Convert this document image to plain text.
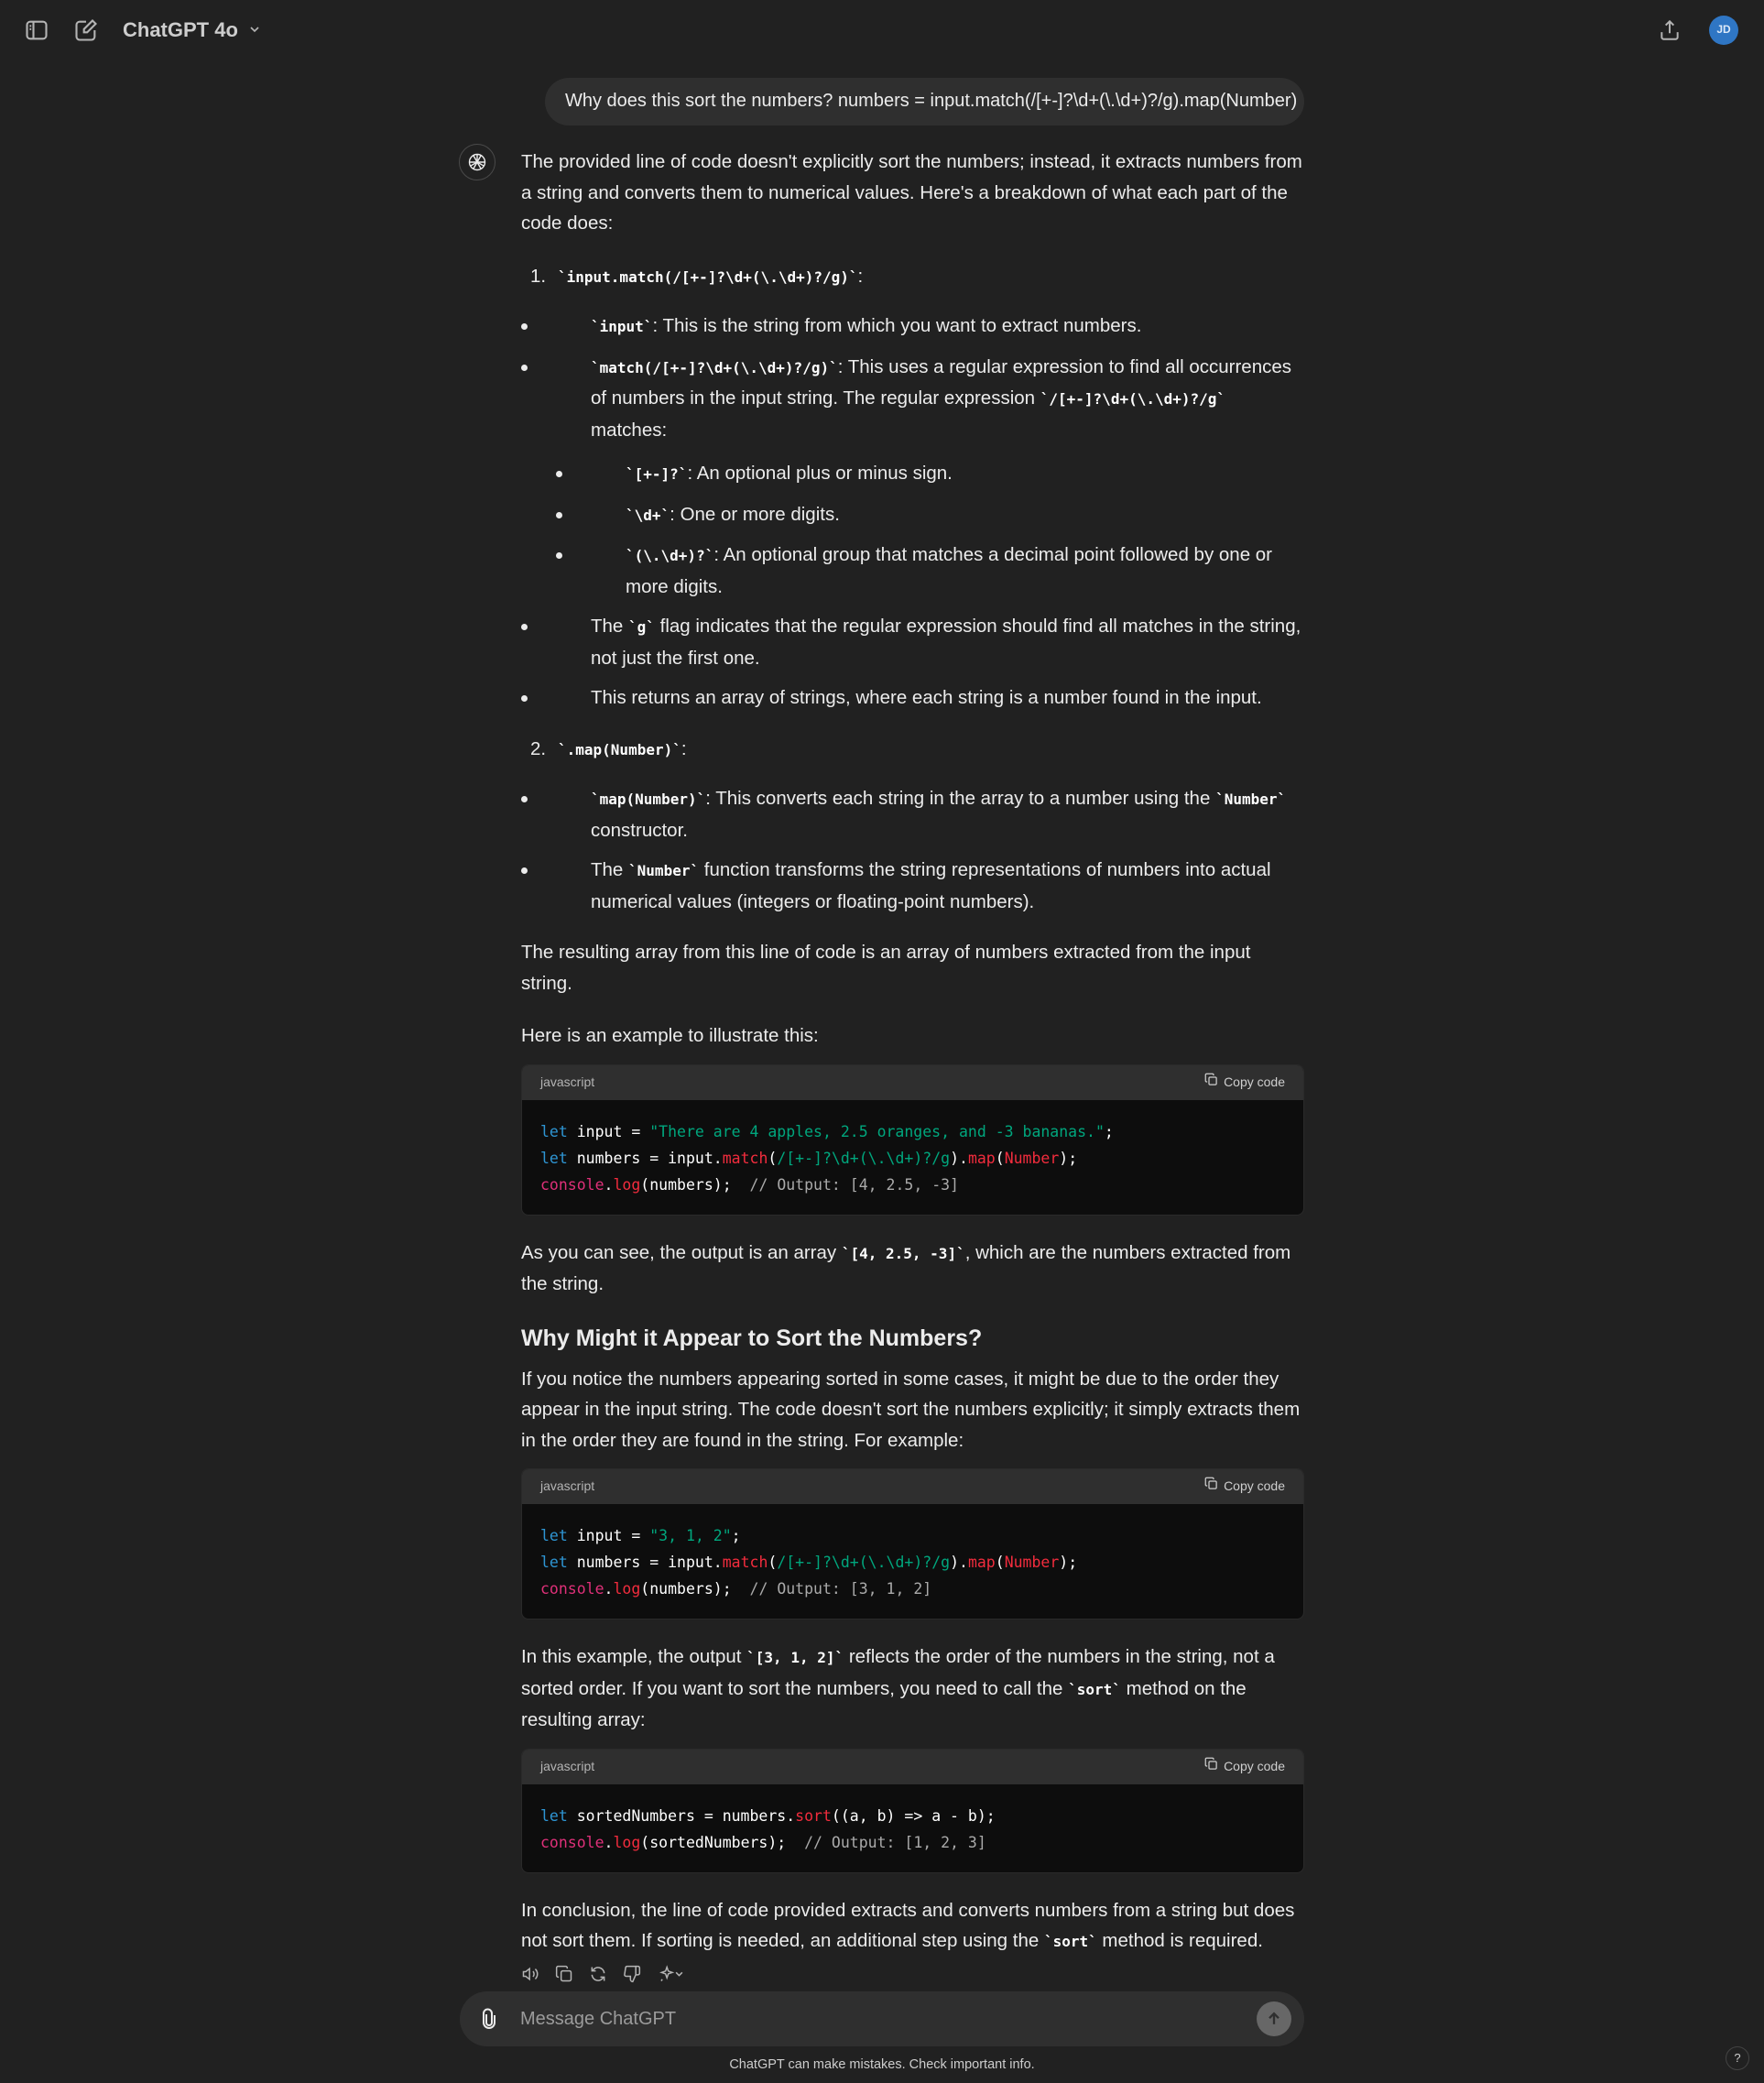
ChatGPT 4o	JD
Why does this sort the numbers? numbers = input.match(/[+-]?\d+(\.\d+)?/g).map(Number)

The provided line of code doesn't explicitly sort the numbers; instead, it extracts numbers from a string and converts them to numerical values. Here's a breakdown of what each part of the code does:

1. `input.match(/[+-]?\d+(\.\d+)?/g)`:
`input`: This is the string from which you want to extract numbers.
`match(/[+-]?\d+(\.\d+)?/g)`: This uses a regular expression to find all occurrences of numbers in the input string. The regular expression `/[+-]?\d+(\.\d+)?/g` matches:
`[+-]?`: An optional plus or minus sign.
`\d+`: One or more digits.
`(\.\d+)?`: An optional group that matches a decimal point followed by one or more digits.
The `g` flag indicates that the regular expression should find all matches in the string, not just the first one.
This returns an array of strings, where each string is a number found in the input.
2. `.map(Number)`:
`map(Number)`: This converts each string in the array to a number using the `Number` constructor.
The `Number` function transforms the string representations of numbers into actual numerical values (integers or floating-point numbers).

The resulting array from this line of code is an array of numbers extracted from the input string.

Here is an example to illustrate this:

javascript	Copy code
let input = "There are 4 apples, 2.5 oranges, and -3 bananas.";
let numbers = input.match(/[+-]?\d+(\.\d+)?/g).map(Number);
console.log(numbers);  // Output: [4, 2.5, -3]

As you can see, the output is an array `[4, 2.5, -3]`, which are the numbers extracted from the string.

Why Might it Appear to Sort the Numbers?

If you notice the numbers appearing sorted in some cases, it might be due to the order they appear in the input string. The code doesn't sort the numbers explicitly; it simply extracts them in the order they are found in the string. For example:

javascript	Copy code
let input = "3, 1, 2";
let numbers = input.match(/[+-]?\d+(\.\d+)?/g).map(Number);
console.log(numbers);  // Output: [3, 1, 2]

In this example, the output `[3, 1, 2]` reflects the order of the numbers in the string, not a sorted order. If you want to sort the numbers, you need to call the `sort` method on the resulting array:

javascript	Copy code
let sortedNumbers = numbers.sort((a, b) => a - b);
console.log(sortedNumbers);  // Output: [1, 2, 3]

In conclusion, the line of code provided extracts and converts numbers from a string but does not sort them. If sorting is needed, an additional step using the `sort` method is required.

Message ChatGPT
ChatGPT can make mistakes. Check important info.	?
